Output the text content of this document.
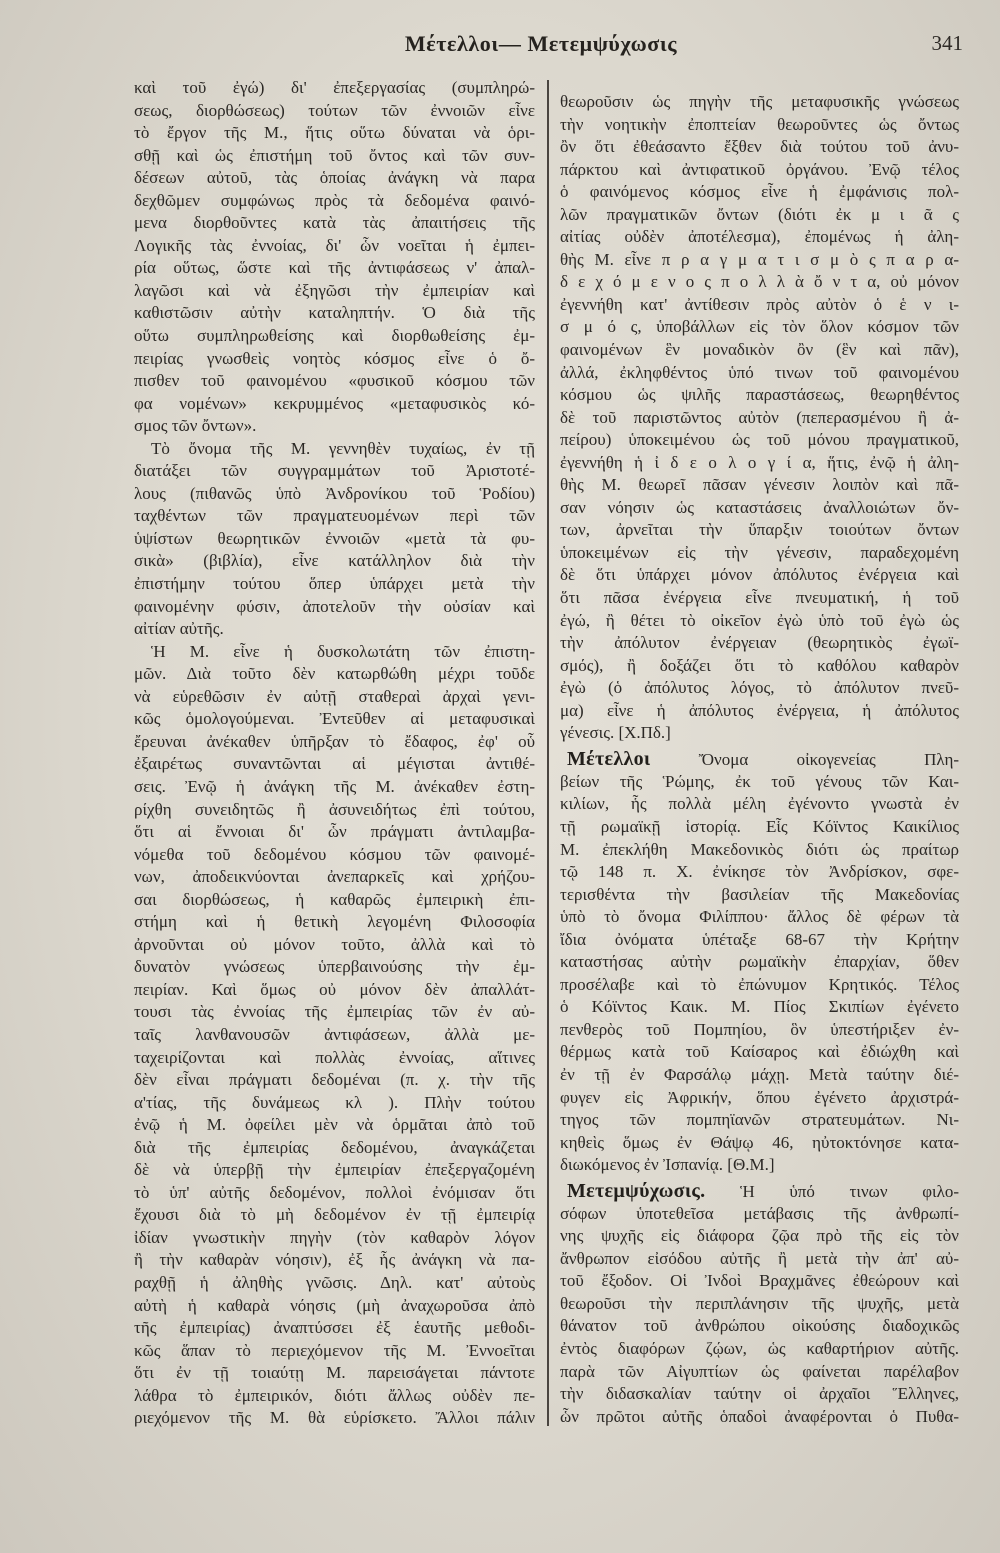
Μέτελλοι— Μετεμψύχωσις	341
καὶ τοῦ ἐγώ) δι' ἐπεξεργασίας (συμπληρώ-
σεως, διορθώσεως) τούτων τῶν ἐννοιῶν εἶνε
τὸ ἔργον τῆς Μ., ἥτις οὕτω δύναται νὰ ὁρι-
σθῇ καὶ ὡς ἐπιστήμη τοῦ ὄντος καὶ τῶν συν-
δέσεων αὐτοῦ, τὰς ὁποίας ἀνάγκη νὰ παρα
δεχθῶμεν συμφώνως πρὸς τὰ δεδομένα φαινό-
μενα διορθοῦντες κατὰ τὰς ἀπαιτήσεις τῆς
Λογικῆς τὰς ἐννοίας, δι' ὧν νοεῖται ἡ ἐμπει-
ρία οὕτως, ὥστε καὶ τῆς ἀντιφάσεως ν' ἀπαλ-
λαγῶσι καὶ νὰ ἐξηγῶσι τὴν ἐμπειρίαν καὶ
καθιστῶσιν αὐτὴν καταληπτήν. Ὁ διὰ τῆς
οὕτω συμπληρωθείσης καὶ διορθωθείσης ἐμ-
πειρίας γνωσθεὶς νοητὸς κόσμος εἶνε ὁ ὄ-
πισθεν τοῦ φαινομένου «φυσικοῦ κόσμου τῶν
φα νομένων» κεκρυμμένος «μεταφυσικὸς κό-
σμος τῶν ὄντων».
Τὸ ὄνομα τῆς Μ. γεννηθὲν τυχαίως, ἐν τῇ
διατάξει τῶν συγγραμμάτων τοῦ Ἀριστοτέ-
λους (πιθανῶς ὑπὸ Ἀνδρονίκου τοῦ Ῥοδίου)
ταχθέντων τῶν πραγματευομένων περὶ τῶν
ὑψίστων θεωρητικῶν ἐννοιῶν «μετὰ τὰ φυ-
σικὰ» (βιβλία), εἶνε κατάλληλον διὰ τὴν
ἐπιστήμην τούτου ὅπερ ὑπάρχει μετὰ τὴν
φαινομένην φύσιν, ἀποτελοῦν τὴν οὐσίαν καὶ
αἰτίαν αὐτῆς.
Ἡ Μ. εἶνε ἡ δυσκολωτάτη τῶν ἐπιστη-
μῶν. Διὰ τοῦτο δὲν κατωρθώθη μέχρι τοῦδε
νὰ εὑρεθῶσιν ἐν αὐτῇ σταθεραὶ ἀρχαὶ γενι-
κῶς ὁμολογούμεναι. Ἐντεῦθεν αἱ μεταφυσικαὶ
ἔρευναι ἀνέκαθεν ὑπῆρξαν τὸ ἔδαφος, ἐφ' οὗ
ἐξαιρέτως συναντῶνται αἱ μέγισται ἀντιθέ-
σεις. Ἐνῷ ἡ ἀνάγκη τῆς Μ. ἀνέκαθεν ἐστη-
ρίχθη συνειδητῶς ἢ ἀσυνειδήτως ἐπὶ τούτου,
ὅτι αἱ ἔννοιαι δι' ὧν πράγματι ἀντιλαμβα-
νόμεθα τοῦ δεδομένου κόσμου τῶν φαινομέ-
νων, ἀποδεικνύονται ἀνεπαρκεῖς καὶ χρήζου-
σαι διορθώσεως, ἡ καθαρῶς ἐμπειρικὴ ἐπι-
στήμη καὶ ἡ θετικὴ λεγομένη Φιλοσοφία
ἀρνοῦνται οὐ μόνον τοῦτο, ἀλλὰ καὶ τὸ
δυνατὸν γνώσεως ὑπερβαινούσης τὴν ἐμ-
πειρίαν. Καὶ ὅμως οὐ μόνον δὲν ἀπαλλάτ-
τουσι τὰς ἐννοίας τῆς ἐμπειρίας τῶν ἐν αὐ-
ταῖς λανθανουσῶν ἀντιφάσεων, ἀλλὰ με-
ταχειρίζονται καὶ πολλὰς ἐννοίας, αἵτινες
δὲν εἶναι πράγματι δεδομέναι (π. χ. τὴν τῆς
α'τίας, τῆς δυνάμεως κλ ). Πλὴν τούτου
ἐνῷ ἡ Μ. ὀφείλει μὲν νὰ ὁρμᾶται ἀπὸ τοῦ
διὰ τῆς ἐμπειρίας δεδομένου, ἀναγκάζεται
δὲ νὰ ὑπερβῇ τὴν ἐμπειρίαν ἐπεξεργαζομένη
τὸ ὑπ' αὐτῆς δεδομένον, πολλοὶ ἐνόμισαν ὅτι
ἔχουσι διὰ τὸ μὴ δεδομένον ἐν τῇ ἐμπειρίᾳ
ἰδίαν γνωστικὴν πηγὴν (τὸν καθαρὸν λόγον
ἢ τὴν καθαρὰν νόησιν), ἐξ ἧς ἀνάγκη νὰ πα-
ραχθῇ ἡ ἀληθὴς γνῶσις. Δηλ. κατ' αὐτοὺς
αὐτὴ ἡ καθαρὰ νόησις (μὴ ἀναχωροῦσα ἀπὸ
τῆς ἐμπειρίας) ἀναπτύσσει ἐξ ἑαυτῆς μεθοδι-
κῶς ἅπαν τὸ περιεχόμενον τῆς Μ. Ἐννοεῖται
ὅτι ἐν τῇ τοιαύτῃ Μ. παρεισάγεται πάντοτε
λάθρα τὸ ἐμπειρικόν, διότι ἄλλως οὐδὲν πε-
ριεχόμενον τῆς Μ. θὰ εὑρίσκετο. Ἄλλοι πάλιν
θεωροῦσιν ὡς πηγὴν τῆς μεταφυσικῆς γνώσεως
τὴν νοητικὴν ἐποπτείαν θεωροῦντες ὡς ὄντως
ὂν ὅτι ἐθεάσαντο ἔξθεν διὰ τούτου τοῦ ἀνυ-
πάρκτου καὶ ἀντιφατικοῦ ὀργάνου. Ἐνῷ τέλος
ὁ φαινόμενος κόσμος εἶνε ἡ ἐμφάνισις πολ-
λῶν πραγματικῶν ὄντων (διότι ἐκ μ ι ᾶ ς
αἰτίας οὐδὲν ἀποτέλεσμα), ἐπομένως ἡ ἀλη-
θὴς Μ. εἶνε π ρ α γ μ α τ ι σ μ ὸ ς π α ρ α-
δ ε χ ό μ ε ν ο ς π ο λ λ ὰ ὄ ν τ α, οὐ μόνον
ἐγεννήθη κατ' ἀντίθεσιν πρὸς αὐτὸν ὁ ἑ ν ι-
σ μ ό ς, ὑποβάλλων εἰς τὸν ὅλον κόσμον τῶν
φαινομένων ἓν μοναδικὸν ὂν (ἓν καὶ πᾶν),
ἀλλά, ἐκληφθέντος ὑπό τινων τοῦ φαινομένου
κόσμου ὡς ψιλῆς παραστάσεως, θεωρηθέντος
δὲ τοῦ παριστῶντος αὐτὸν (πεπερασμένου ἢ ἀ-
πείρου) ὑποκειμένου ὡς τοῦ μόνου πραγματικοῦ,
ἐγεννήθη ἡ ἰ δ ε ο λ ο γ ί α, ἥτις, ἐνῷ ἡ ἀλη-
θὴς Μ. θεωρεῖ πᾶσαν γένεσιν λοιπὸν καὶ πᾶ-
σαν νόησιν ὡς καταστάσεις ἀναλλοιώτων ὄν-
των, ἀρνεῖται τὴν ὕπαρξιν τοιούτων ὄντων
ὑποκειμένων εἰς τὴν γένεσιν, παραδεχομένη
δὲ ὅτι ὑπάρχει μόνον ἀπόλυτος ἐνέργεια καὶ
ὅτι πᾶσα ἐνέργεια εἶνε πνευματική, ἡ τοῦ
ἐγώ, ἢ θέτει τὸ οἰκεῖον ἐγὼ ὑπὸ τοῦ ἐγὼ ὡς
τὴν ἀπόλυτον ἐνέργειαν (θεωρητικὸς ἐγωϊ-
σμός), ἢ δοξάζει ὅτι τὸ καθόλου καθαρὸν
ἐγὼ (ὁ ἀπόλυτος λόγος, τὸ ἀπόλυτον πνεῦ-
μα) εἶνε ἡ ἀπόλυτος ἐνέργεια, ἡ ἀπόλυτος
γένεσις. [Χ.Πδ.]
Μέτελλοι	Ὄνομα οἰκογενείας Πλη-
βείων τῆς Ῥώμης, ἐκ τοῦ γένους τῶν Και-
κιλίων, ἧς πολλὰ μέλη ἐγένοντο γνωστὰ ἐν
τῇ ρωμαϊκῇ ἱστορίᾳ. Εἷς Κόϊντος Καικίλιος
Μ. ἐπεκλήθη Μακεδονικὸς διότι ὡς πραίτωρ
τῷ 148 π. Χ. ἐνίκησε τὸν Ἀνδρίσκον, σφε-
τερισθέντα τὴν βασιλείαν τῆς Μακεδονίας
ὑπὸ τὸ ὄνομα Φιλίππου· ἄλλος δὲ φέρων τὰ
ἴδια ὀνόματα ὑπέταξε 68-67 τὴν Κρήτην
καταστήσας αὐτὴν ρωμαϊκὴν ἐπαρχίαν, ὅθεν
προσέλαβε καὶ τὸ ἐπώνυμον Κρητικός. Τέλος
ὁ Κόϊντος Καικ. Μ. Πίος Σκιπίων ἐγένετο
πενθερὸς τοῦ Πομπηίου, ὃν ὑπεστήριξεν ἐν-
θέρμως κατὰ τοῦ Καίσαρος καὶ ἐδιώχθη καὶ
ἐν τῇ ἐν Φαρσάλῳ μάχῃ. Μετὰ ταύτην διέ-
φυγεν εἰς Ἀφρικήν, ὅπου ἐγένετο ἀρχιστρά-
τηγος τῶν πομπηϊανῶν στρατευμάτων. Νι-
κηθεὶς ὅμως ἐν Θάψῳ 46, ηὐτοκτόνησε κατα-
διωκόμενος ἐν Ἰσπανίᾳ. [Θ.Μ.]
Μετεμψύχωσις. Ἡ ὑπό τινων φιλο-
σόφων ὑποτεθεῖσα μετάβασις τῆς ἀνθρωπί-
νης ψυχῆς εἰς διάφορα ζῷα πρὸ τῆς εἰς τὸν
ἄνθρωπον εἰσόδου αὐτῆς ἢ μετὰ τὴν ἀπ' αὐ-
τοῦ ἔξοδον. Οἱ Ἰνδοὶ Βραχμᾶνες ἐθεώρουν καὶ
θεωροῦσι τὴν περιπλάνησιν τῆς ψυχῆς, μετὰ
θάνατον τοῦ ἀνθρώπου οἰκούσης διαδοχικῶς
ἐντὸς διαφόρων ζῴων, ὡς καθαρτήριον αὐτῆς.
παρὰ τῶν Αἰγυπτίων ὡς φαίνεται παρέλαβον
τὴν διδασκαλίαν ταύτην οἱ ἀρχαῖοι Ἕλληνες,
ὧν πρῶτοι αὐτῆς ὁπαδοὶ ἀναφέρονται ὁ Πυθα-
